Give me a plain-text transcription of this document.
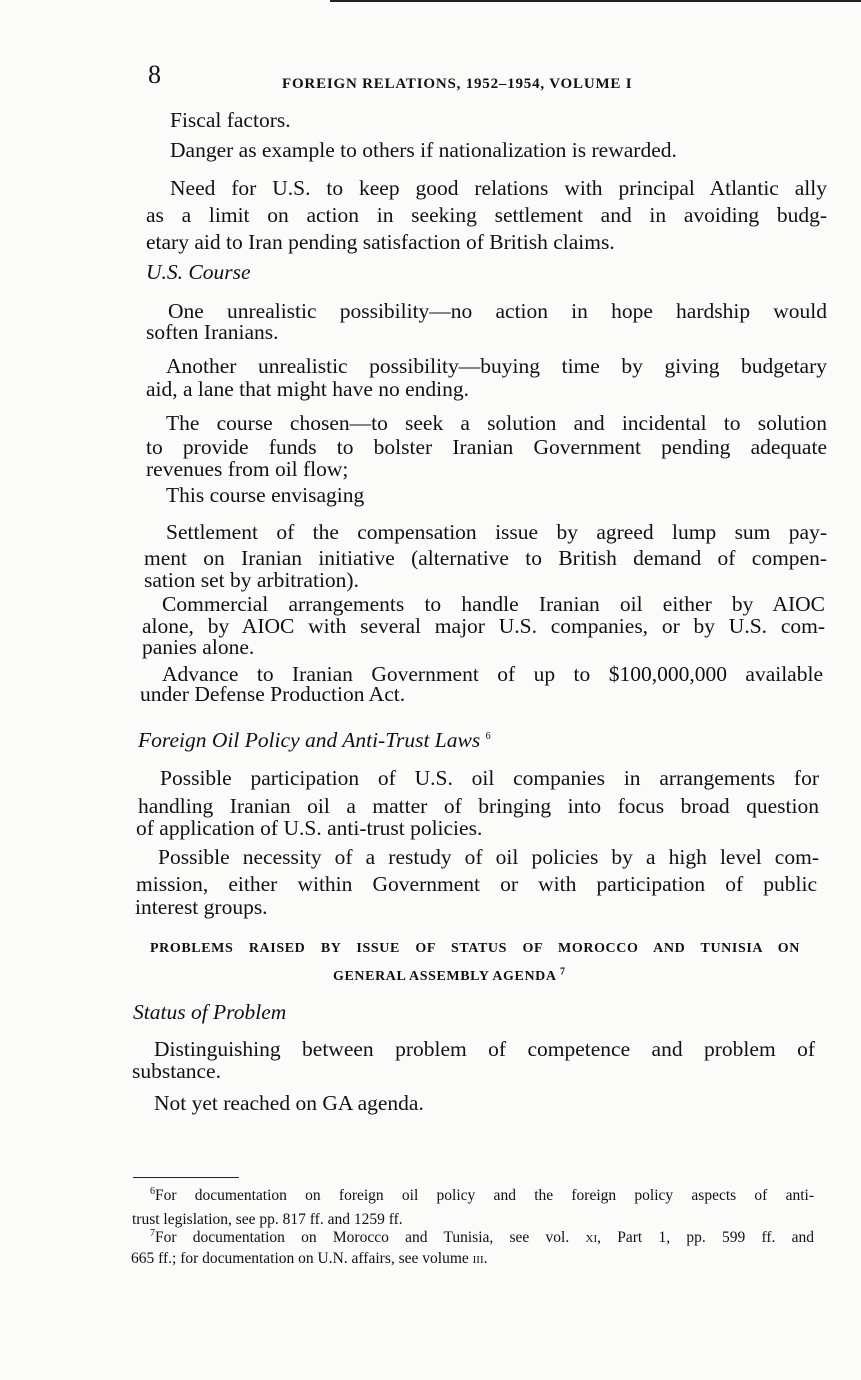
8	FOREIGN RELATIONS, 1952–1954, VOLUME I
Fiscal factors.
Danger as example to others if nationalization is rewarded.
Need for U.S. to keep good relations with principal Atlantic ally
as a limit on action in seeking settlement and in avoiding budg-
etary aid to Iran pending satisfaction of British claims.
U.S. Course
One unrealistic possibility—no action in hope hardship would
soften Iranians.
Another unrealistic possibility—buying time by giving budgetary
aid, a lane that might have no ending.
The course chosen—to seek a solution and incidental to solution
to provide funds to bolster Iranian Government pending adequate
revenues from oil flow;
This course envisaging
Settlement of the compensation issue by agreed lump sum pay-
ment on Iranian initiative (alternative to British demand of compen-
sation set by arbitration).
Commercial arrangements to handle Iranian oil either by AIOC
alone, by AIOC with several major U.S. companies, or by U.S. com-
panies alone.
Advance to Iranian Government of up to $100,000,000 available
under Defense Production Act.
Foreign Oil Policy and Anti-Trust Laws $^6$
Possible participation of U.S. oil companies in arrangements for
handling Iranian oil a matter of bringing into focus broad question
of application of U.S. anti-trust policies.
Possible necessity of a restudy of oil policies by a high level com-
mission, either within Government or with participation of public
interest groups.
PROBLEMS RAISED BY ISSUE OF STATUS OF MOROCCO AND TUNISIA ON
GENERAL ASSEMBLY AGENDA $^7$
Status of Problem
Distinguishing between problem of competence and problem of
substance.
Not yet reached on GA agenda.
$^6$For documentation on foreign oil policy and the foreign policy aspects of anti-
trust legislation, see pp. 817 ff. and 1259 ff.
$^7$For documentation on Morocco and Tunisia, see vol. xi, Part 1, pp. 599 ff. and
665 ff.; for documentation on U.N. affairs, see volume iii.
